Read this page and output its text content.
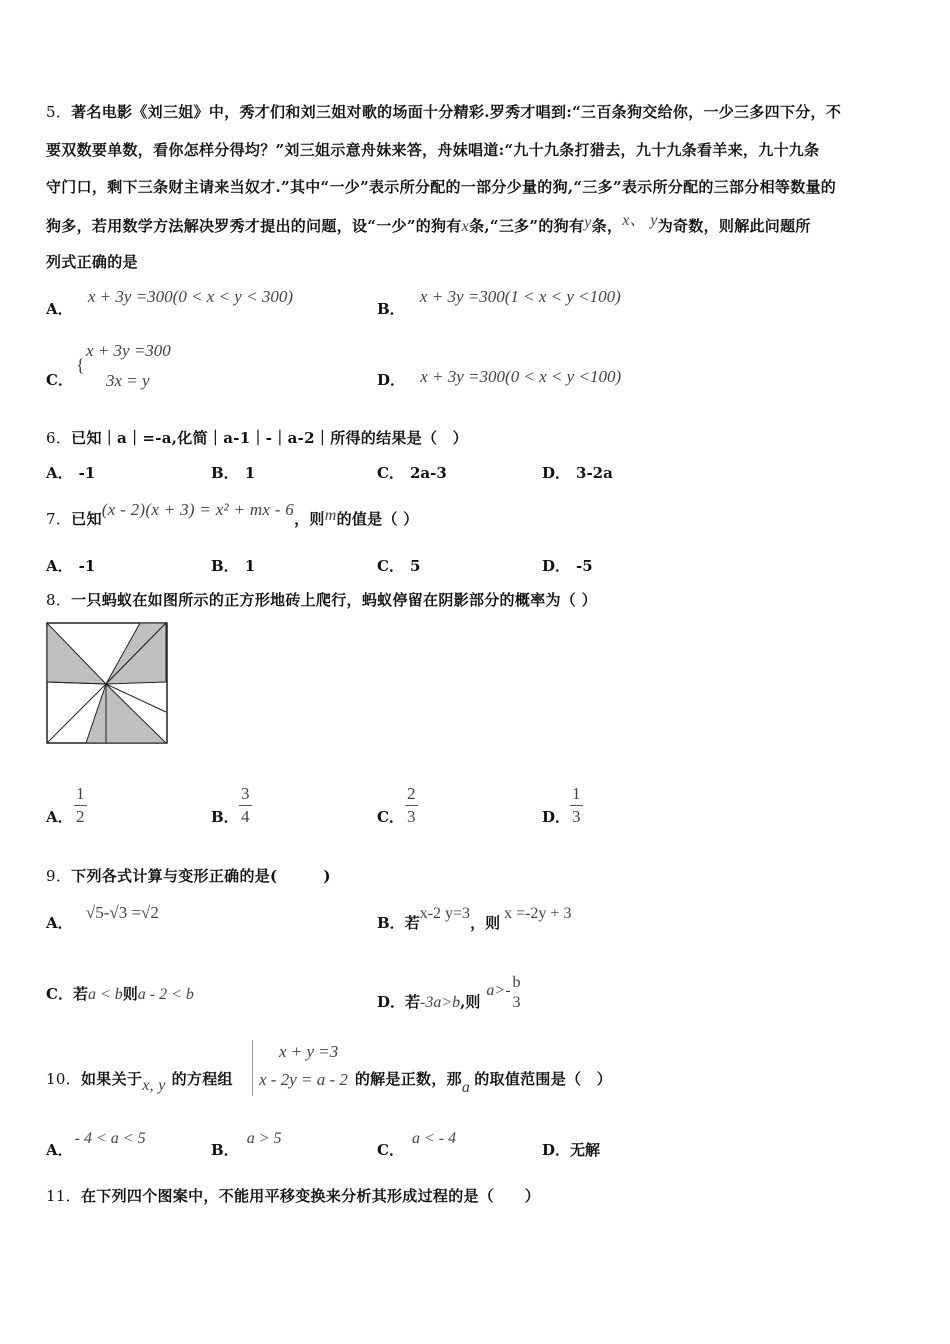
5．著名电影《刘三姐》中，秀才们和刘三姐对歌的场面十分精彩.罗秀才唱到:“三百条狗交给你，一少三多四下分，不
要双数要单数，看你怎样分得均？”刘三姐示意舟妹来答，舟妹唱道:“九十九条打猎去，九十九条看羊来，九十九条
守门口，剩下三条财主请来当奴才.”其中“一少”表示所分配的一部分少量的狗,“三多”表示所分配的三部分相等数量的
狗多，若用数学方法解决罗秀才提出的问题，设“一少”的狗有x条,“三多”的狗有y条，x、 y为奇数，则解此问题所
列式正确的是
A． x + 3y =300(0 < x < y < 300)
B． x + 3y =300(1 < x < y <100)
C．
{
x + 3y =300
3x = y	D． x + 3y =300(0 < x < y <100)
6．已知｜a｜=-a,化简｜a-1｜-｜a-2｜所得的结果是（　）
A． -1	B． 1	C． 2a-3	D． 3-2a
7．已知(x - 2)(x + 3) = x² + mx - 6，则m的值是（ ）
A． -1	B． 1	C． 5	D． -5
8．一只蚂蚁在如图所示的正方形地砖上爬行，蚂蚁停留在阴影部分的概率为（ ）
A． $\frac{1}{2}$	B． $\frac{3}{4}$	C． $\frac{2}{3}$	D． $\frac{1}{3}$
9．下列各式计算与变形正确的是(　　　)
A． √5-√3 =√2
B．若x-2 y=3，则x =-2y + 3
C．若a < b则a - 2 < b	D．若-3a>b,则a>- b
3
10．如果关于x, y 的方程组	的解是正数，那a 的取值范围是（　）
x + y =3
x - 2y = a - 2
A．- 4 < a < 5
B．a > 5
C．a < - 4
D．无解
11．在下列四个图案中，不能用平移变换来分析其形成过程的是（　　）
